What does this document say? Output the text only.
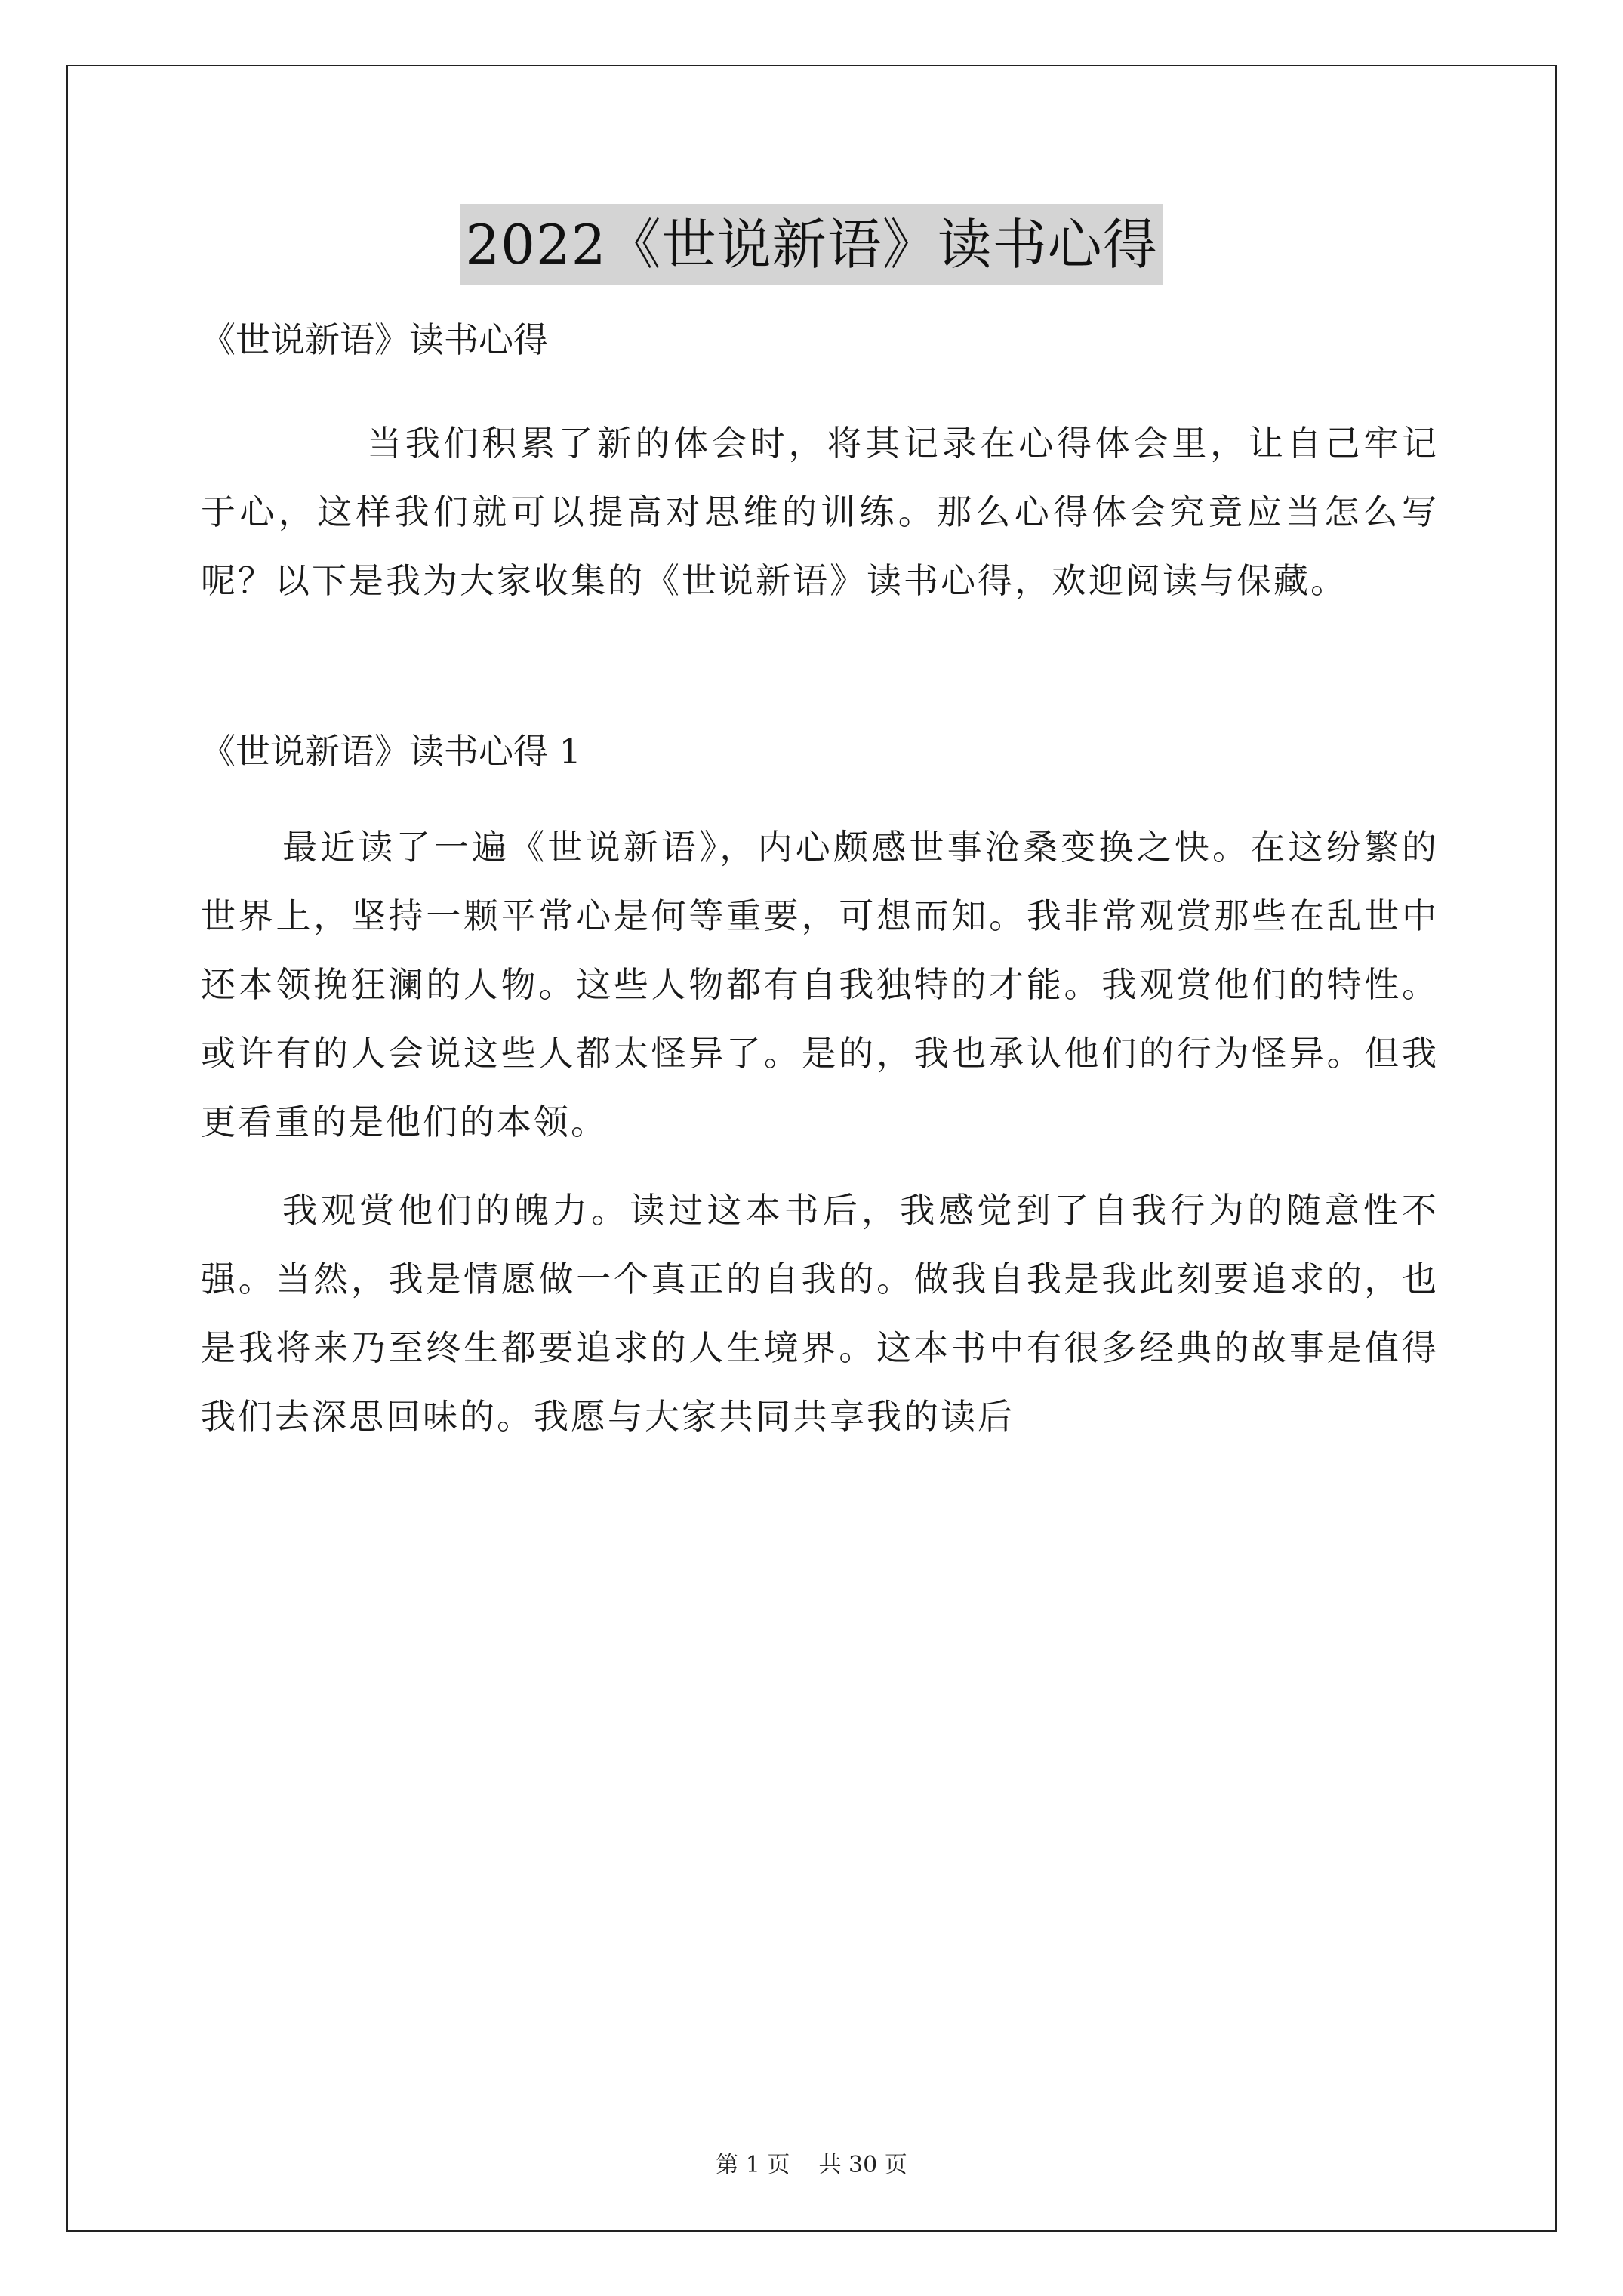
2022《世说新语》读书心得

《世说新语》读书心得

当我们积累了新的体会时，将其记录在心得体会里，让自己牢记于心，这样我们就可以提高对思维的训练。那么心得体会究竟应当怎么写呢？以下是我为大家收集的《世说新语》读书心得，欢迎阅读与保藏。

《世说新语》读书心得 1

最近读了一遍《世说新语》，内心颇感世事沧桑变换之快。在这纷繁的世界上，坚持一颗平常心是何等重要，可想而知。我非常观赏那些在乱世中还本领挽狂澜的人物。这些人物都有自我独特的才能。我观赏他们的特性。或许有的人会说这些人都太怪异了。是的，我也承认他们的行为怪异。但我更看重的是他们的本领。

我观赏他们的魄力。读过这本书后，我感觉到了自我行为的随意性不强。当然，我是情愿做一个真正的自我的。做我自我是我此刻要追求的，也是我将来乃至终生都要追求的人生境界。这本书中有很多经典的故事是值得我们去深思回味的。我愿与大家共同共享我的读后

第 1 页    共 30 页
